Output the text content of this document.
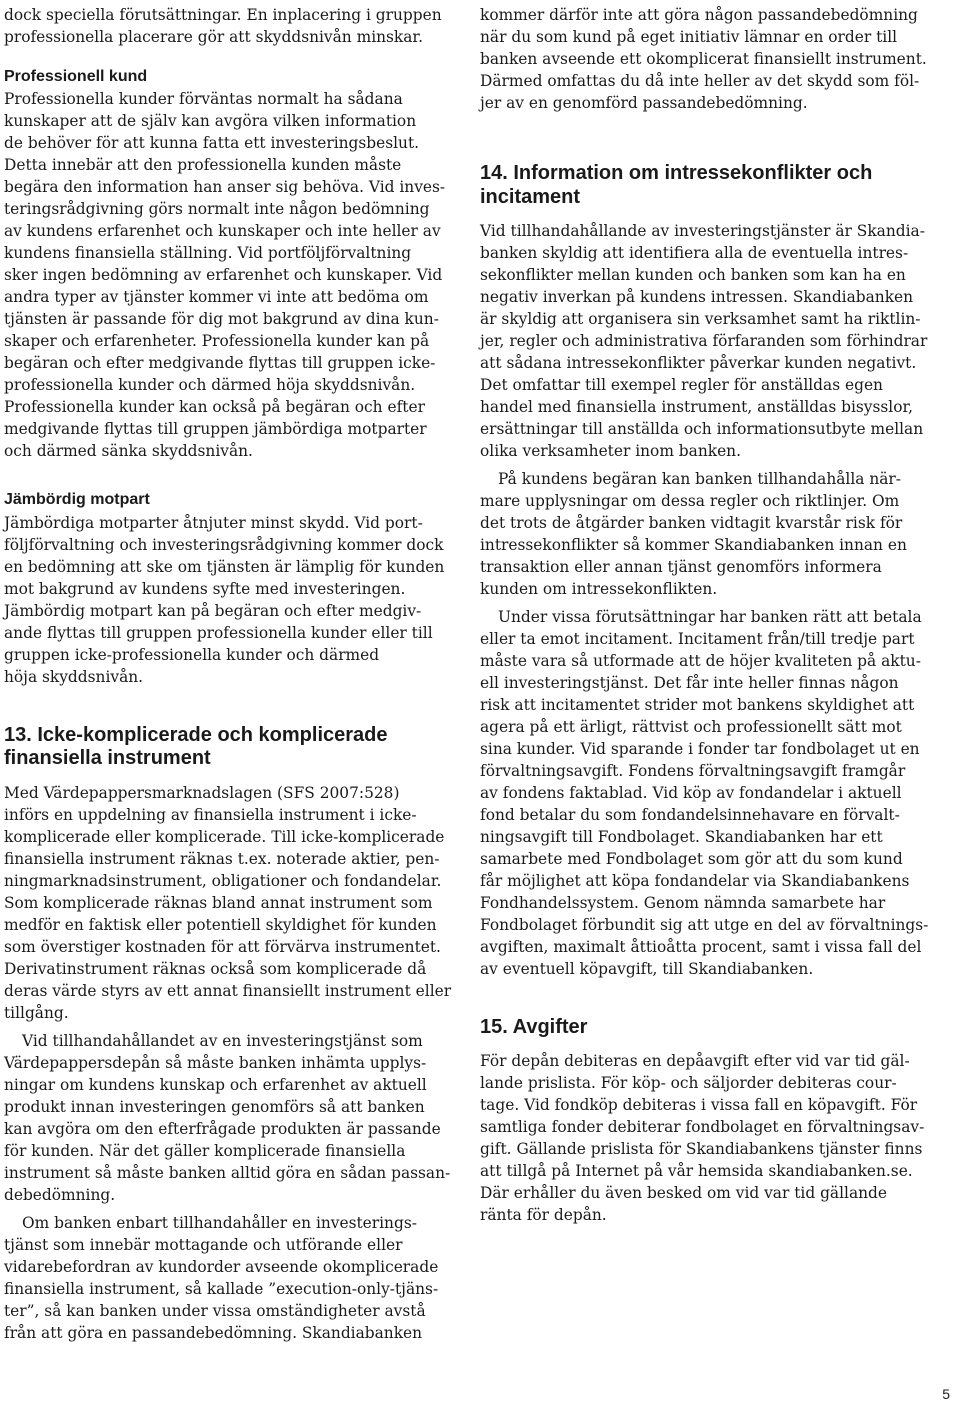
dock speciella förutsättningar. En inplacering i gruppen
professionella placerare gör att skyddsnivån minskar.
Professionell kund
Professionella kunder förväntas normalt ha sådana
kunskaper att de själv kan avgöra vilken information
de behöver för att kunna fatta ett investeringsbeslut.
Detta innebär att den professionella kunden måste
begära den information han anser sig behöva. Vid inves-
teringsrådgivning görs normalt inte någon bedömning
av kundens erfarenhet och kunskaper och inte heller av
kundens finansiella ställning. Vid portföljförvaltning
sker ingen bedömning av erfarenhet och kunskaper. Vid
andra typer av tjänster kommer vi inte att bedöma om
tjänsten är passande för dig mot bakgrund av dina kun-
skaper och erfarenheter. Professionella kunder kan på
begäran och efter medgivande flyttas till gruppen icke-
professionella kunder och därmed höja skyddsnivån.
Professionella kunder kan också på begäran och efter
medgivande flyttas till gruppen jämbördiga motparter
och därmed sänka skyddsnivån.
Jämbördig motpart
Jämbördiga motparter åtnjuter minst skydd. Vid port-
följförvaltning och investeringsrådgivning kommer dock
en bedömning att ske om tjänsten är lämplig för kunden
mot bakgrund av kundens syfte med investeringen.
Jämbördig motpart kan på begäran och efter medgiv-
ande flyttas till gruppen professionella kunder eller till
gruppen icke-professionella kunder och därmed
höja skyddsnivån.
13. Icke-komplicerade och komplicerade
finansiella instrument
Med Värdepappersmarknadslagen (SFS 2007:528)
införs en uppdelning av finansiella instrument i icke-
komplicerade eller komplicerade. Till icke-komplicerade
finansiella instrument räknas t.ex. noterade aktier, pen-
ningmarknadsinstrument, obligationer och fondandelar.
Som komplicerade räknas bland annat instrument som
medför en faktisk eller potentiell skyldighet för kunden
som överstiger kostnaden för att förvärva instrumentet.
Derivatinstrument räknas också som komplicerade då
deras värde styrs av ett annat finansiellt instrument eller
tillgång.
Vid tillhandahållandet av en investeringstjänst som
Värdepappersdepån så måste banken inhämta upplys-
ningar om kundens kunskap och erfarenhet av aktuell
produkt innan investeringen genomförs så att banken
kan avgöra om den efterfrågade produkten är passande
för kunden. När det gäller komplicerade finansiella
instrument så måste banken alltid göra en sådan passan-
debedömning.
Om banken enbart tillhandahåller en investerings-
tjänst som innebär mottagande och utförande eller
vidarebefordran av kundorder avseende okomplicerade
finansiella instrument, så kallade ”execution-only-tjäns-
ter”, så kan banken under vissa omständigheter avstå
från att göra en passandebedömning. Skandiabanken
kommer därför inte att göra någon passandebedömning
när du som kund på eget initiativ lämnar en order till
banken avseende ett okomplicerat finansiellt instrument.
Därmed omfattas du då inte heller av det skydd som föl-
jer av en genomförd passandebedömning.
14. Information om intressekonflikter och
incitament
Vid tillhandahållande av investeringstjänster är Skandia-
banken skyldig att identifiera alla de eventuella intres-
sekonflikter mellan kunden och banken som kan ha en
negativ inverkan på kundens intressen. Skandiabanken
är skyldig att organisera sin verksamhet samt ha riktlin-
jer, regler och administrativa förfaranden som förhindrar
att sådana intressekonflikter påverkar kunden negativt.
Det omfattar till exempel regler för anställdas egen
handel med finansiella instrument, anställdas bisysslor,
ersättningar till anställda och informationsutbyte mellan
olika verksamheter inom banken.
På kundens begäran kan banken tillhandahålla när-
mare upplysningar om dessa regler och riktlinjer. Om
det trots de åtgärder banken vidtagit kvarstår risk för
intressekonflikter så kommer Skandiabanken innan en
transaktion eller annan tjänst genomförs informera
kunden om intressekonflikten.
Under vissa förutsättningar har banken rätt att betala
eller ta emot incitament. Incitament från/till tredje part
måste vara så utformade att de höjer kvaliteten på aktu-
ell investeringstjänst. Det får inte heller finnas någon
risk att incitamentet strider mot bankens skyldighet att
agera på ett ärligt, rättvist och professionellt sätt mot
sina kunder. Vid sparande i fonder tar fondbolaget ut en
förvaltningsavgift. Fondens förvaltningsavgift framgår
av fondens faktablad. Vid köp av fondandelar i aktuell
fond betalar du som fondandelsinnehavare en förvalt-
ningsavgift till Fondbolaget. Skandiabanken har ett
samarbete med Fondbolaget som gör att du som kund
får möjlighet att köpa fondandelar via Skandiabankens
Fondhandelssystem. Genom nämnda samarbete har
Fondbolaget förbundit sig att utge en del av förvaltnings-
avgiften, maximalt åttioåtta procent, samt i vissa fall del
av eventuell köpavgift, till Skandiabanken.
15. Avgifter
För depån debiteras en depåavgift efter vid var tid gäl-
lande prislista. För köp- och säljorder debiteras cour-
tage. Vid fondköp debiteras i vissa fall en köpavgift. För
samtliga fonder debiterar fondbolaget en förvaltningsav-
gift. Gällande prislista för Skandiabankens tjänster finns
att tillgå på Internet på vår hemsida skandiabanken.se.
Där erhåller du även besked om vid var tid gällande
ränta för depån.
5
